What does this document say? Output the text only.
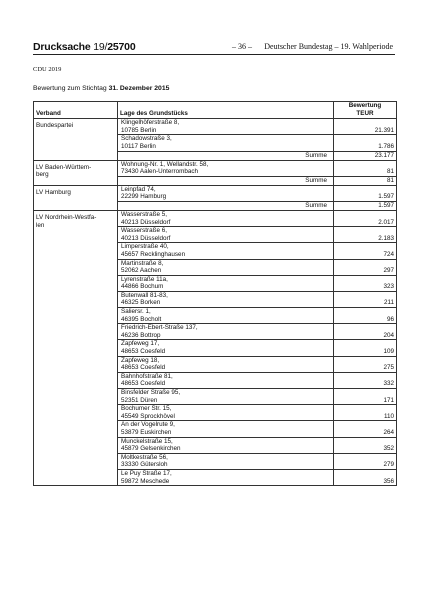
Drucksache 19/25700	– 36 – Deutscher Bundestag – 19. Wahlperiode
CDU 2019
Bewertung zum Stichtag 31. Dezember 2015
Verband	Lage des Grundstücks	Bewertung
TEUR
Bundespartei	Klingelhöferstraße 8,
10785 Berlin	21.391
	Schadowstraße 3,
10117 Berlin	1.786
	Summe	23.177
LV Baden-Württem-
berg	Wohnung-Nr. 1, Wellandstr. 58,
73430 Aalen-Unterrombach	81
	Summe	81
LV Hamburg	Leinpfad 74,
22299 Hamburg	1.597
	Summe	1.597
LV Nordrhein-Westfa-
len	Wasserstraße 5,
40213 Düsseldorf	2.017
	Wasserstraße 6,
40213 Düsseldorf	2.183
	Limperstraße 40,
45657 Recklinghausen	724
	Martinstraße 8,
52062 Aachen	297
	Lyrenstraße 11a,
44866 Bochum	323
	Butenwall 81-83,
46325 Borken	211
	Saliersr. 1,
46395 Bocholt	96
	Friedrich-Ebert-Straße 137,
46236 Bottrop	204
	Zapfeweg 17,
48653 Coesfeld	109
	Zapfeweg 18,
48653 Coesfeld	275
	Bahnhofstraße 81,
48653 Coesfeld	332
	Binsfelder Straße 95,
52351 Düren	171
	Bochumer Str. 15,
45549 Sprockhövel	110
	An der Vogelrute 9,
53879 Euskirchen	264
	Munckelstraße 15,
45879 Gelsenkirchen	352
	Moltkestraße 56,
33330 Gütersloh	279
	Le Puy Straße 17,
59872 Meschede	356
